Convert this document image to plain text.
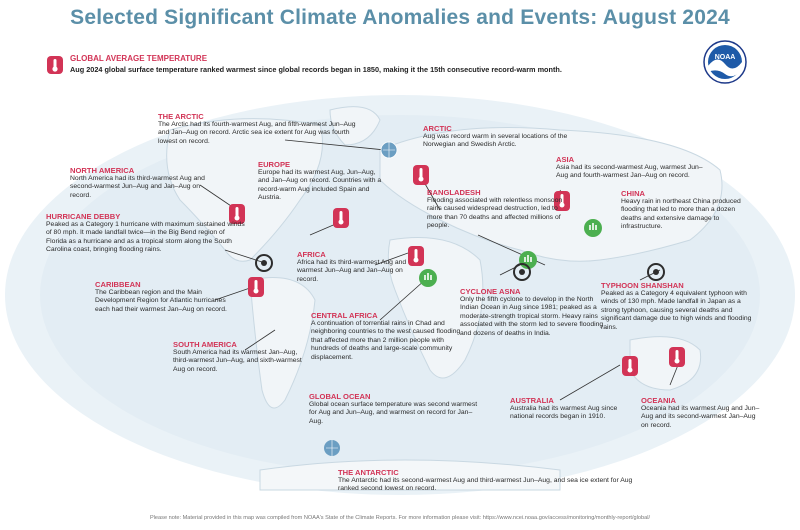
Selected Significant Climate Anomalies and Events: August 2024
NOAA
GLOBAL AVERAGE TEMPERATURE
Aug 2024 global surface temperature ranked warmest since global records began in 1850, making it the 15th consecutive record-warm month.
THE ARCTIC
The Arctic had its fourth-warmest Aug, and fifth-warmest Jun–Aug and Jan–Aug on record. Arctic sea ice extent for Aug was fourth lowest on record.
NORTH AMERICA
North America had its third-warmest Aug and second-warmest Jun–Aug and Jan–Aug on record.
HURRICANE DEBBY
Peaked as a Category 1 hurricane with maximum sustained winds of 80 mph. It made landfall twice—in the Big Bend region of Florida as a hurricane and as a tropical storm along the South Carolina coast, bringing flooding rains.
CARIBBEAN
The Caribbean region and the Main Development Region for Atlantic hurricanes each had their warmest Jan–Aug on record.
SOUTH AMERICA
South America had its warmest Jan–Aug, third-warmest Jun–Aug, and sixth-warmest Aug on record.
EUROPE
Europe had its warmest Aug, Jun–Aug, and Jan–Aug on record. Countries with a record-warm Aug included Spain and Austria.
AFRICA
Africa had its third-warmest Aug and warmest Jun–Aug and Jan–Aug on record.
CENTRAL AFRICA
A continuation of torrential rains in Chad and neighboring countries to the west caused flooding that affected more than 2 million people with hundreds of deaths and large-scale community displacement.
GLOBAL OCEAN
Global ocean surface temperature was second warmest for Aug and Jun–Aug, and warmest on record for Jan–Aug.
THE ANTARCTIC
The Antarctic had its second-warmest Aug and third-warmest Jun–Aug, and sea ice extent for Aug ranked second lowest on record.
ARCTIC
Aug was record warm in several locations of the Norwegian and Swedish Arctic.
BANGLADESH
Flooding associated with relentless monsoon rains caused widespread destruction, led to more than 70 deaths and affected millions of people.
CYCLONE ASNA
Only the fifth cyclone to develop in the North Indian Ocean in Aug since 1981; peaked as a moderate-strength tropical storm. Heavy rains associated with the storm led to severe flooding and dozens of deaths in India.
ASIA
Asia had its second-warmest Aug, warmest Jun–Aug and fourth-warmest Jan–Aug on record.
CHINA
Heavy rain in northeast China produced flooding that led to more than a dozen deaths and extensive damage to infrastructure.
TYPHOON SHANSHAN
Peaked as a Category 4 equivalent typhoon with winds of 130 mph. Made landfall in Japan as a strong typhoon, causing several deaths and significant damage due to high winds and flooding rains.
AUSTRALIA
Australia had its warmest Aug since national records began in 1910.
OCEANIA
Oceania had its warmest Aug and Jun–Aug and its second-warmest Jan–Aug on record.
Please note: Material provided in this map was compiled from NOAA's State of the Climate Reports. For more information please visit: https://www.ncei.noaa.gov/access/monitoring/monthly-report/global/
